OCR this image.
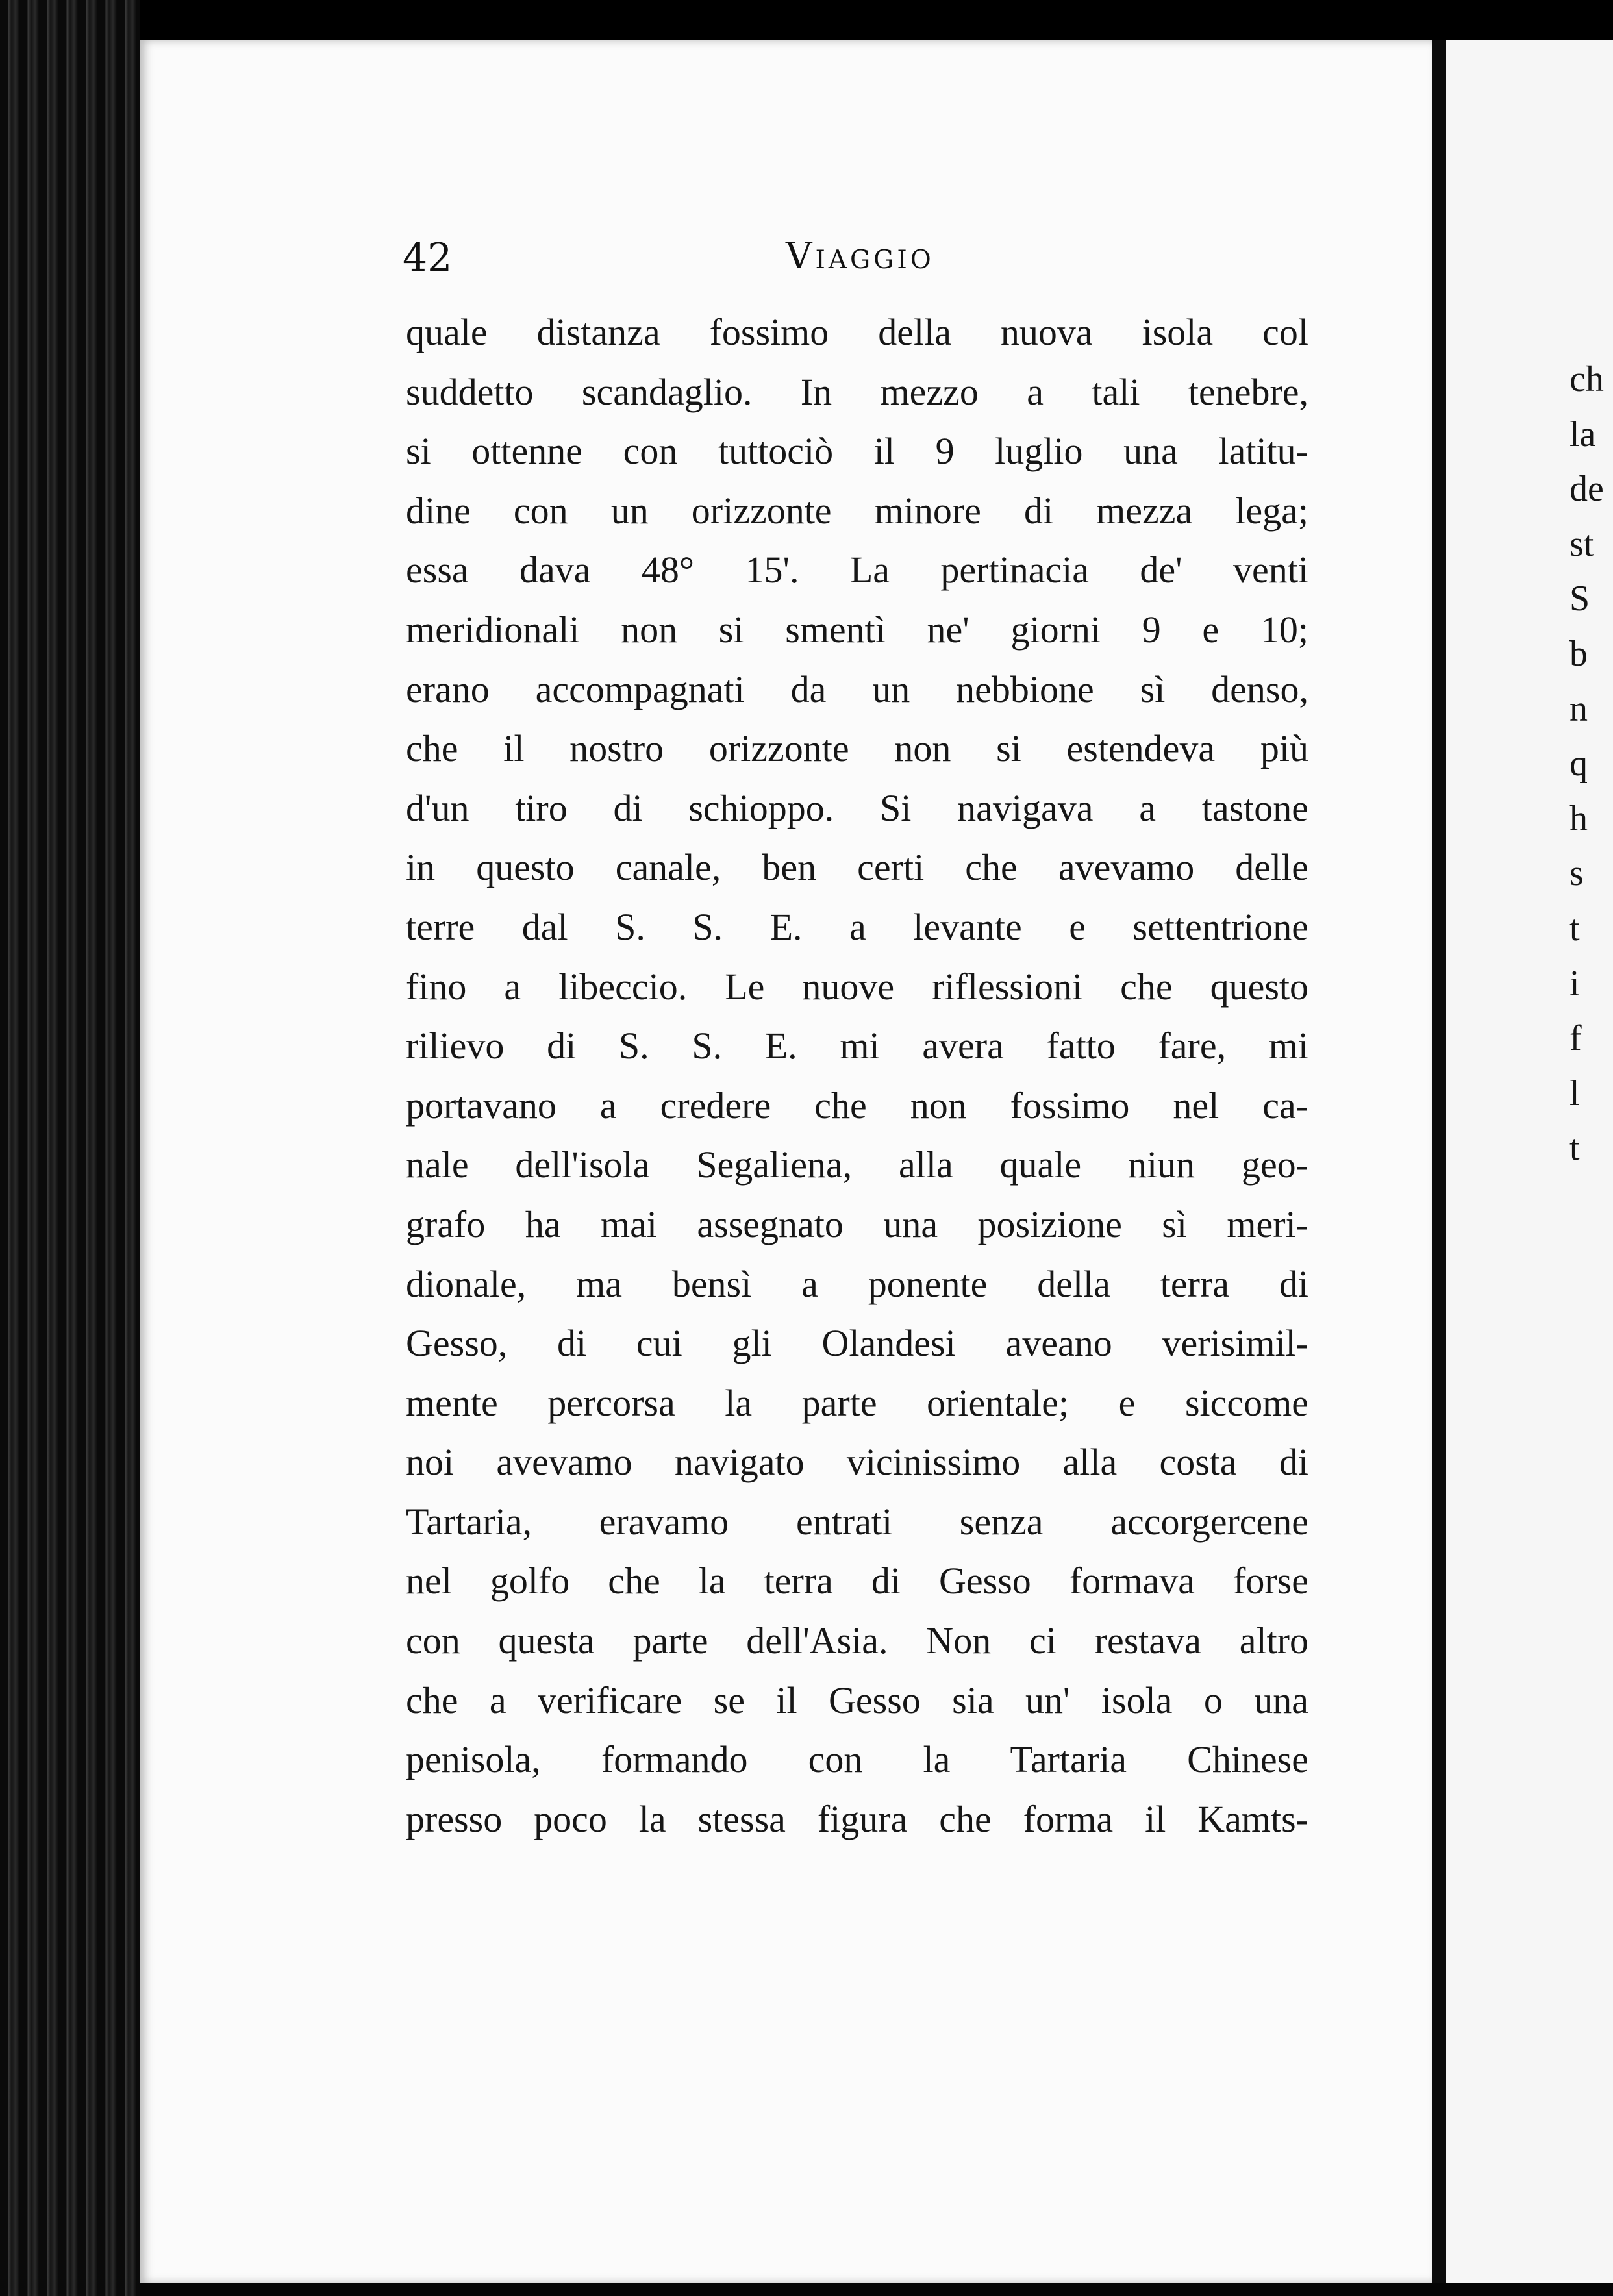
42	Viaggio
quale distanza fossimo della nuova isola col
suddetto scandaglio. In mezzo a tali tenebre,
si ottenne con tuttociò il 9 luglio una latitu-
dine con un orizzonte minore di mezza lega;
essa dava 48° 15'. La pertinacia de' venti
meridionali non si smentì ne' giorni 9 e 10;
erano accompagnati da un nebbione sì denso,
che il nostro orizzonte non si estendeva più
d'un tiro di schioppo. Si navigava a tastone
in questo canale, ben certi che avevamo delle
terre dal S. S. E. a levante e settentrione
fino a libeccio. Le nuove riflessioni che questo
rilievo di S. S. E. mi avera fatto fare, mi
portavano a credere che non fossimo nel ca-
nale dell'isola Segaliena, alla quale niun geo-
grafo ha mai assegnato una posizione sì meri-
dionale, ma bensì a ponente della terra di
Gesso, di cui gli Olandesi aveano verisimil-
mente percorsa la parte orientale; e siccome
noi avevamo navigato vicinissimo alla costa di
Tartaria, eravamo entrati senza accorgercene
nel golfo che la terra di Gesso formava forse
con questa parte dell'Asia. Non ci restava altro
che a verificare se il Gesso sia un' isola o una
penisola, formando con la Tartaria Chinese
presso poco la stessa figura che forma il Kamts-
ch
la
de
st
S
b
n
q
h
s
t
i
f
l
t
